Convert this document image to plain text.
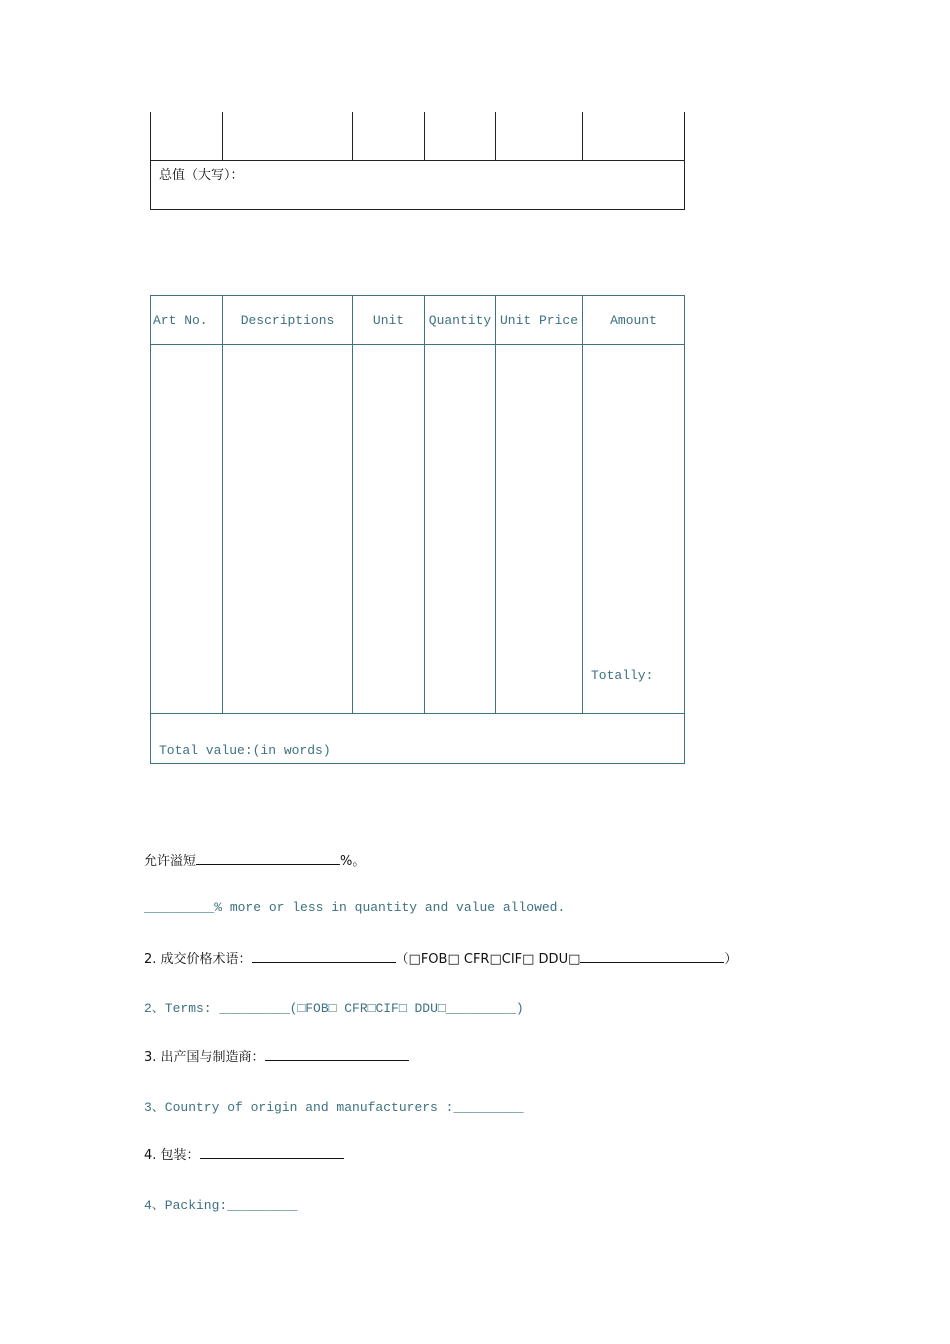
总值（大写）：					

Art No.	Descriptions	Unit	Quantity	Unit Price	Amount

					Totally:

Total value:(in words)					
允许溢短	%。
_________% more or less in quantity and value allowed.
2. 成交价格术语：	（□FOB□ CFR□CIF□ DDU□	）
2、Terms: _________(□FOB□ CFR□CIF□ DDU□_________)
3. 出产国与制造商：
3、Country of origin and manufacturers :_________
4. 包装：
4、Packing:_________
